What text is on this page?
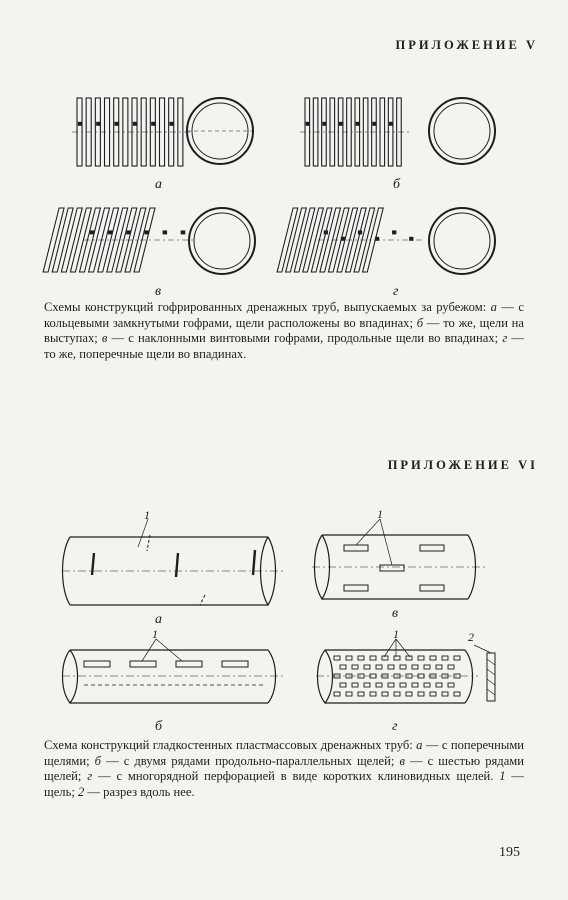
ПРИЛОЖЕНИЕ V
а	б
в	г
Схемы конструкций гофрированных дренажных труб, выпускаемых за рубежом: а — с кольцевыми замкнутыми гофрами, щели расположены во впадинах; б — то же, щели на выступах; в — с наклонными винтовыми гофрами, продольные щели во впадинах; г — то же, поперечные щели во впадинах.
ПРИЛОЖЕНИЕ VI
1
а
1
в
1
б
1	2
г
Схема конструкций гладкостенных пластмассовых дренажных труб: а — с поперечными щелями; б — с двумя рядами продольно-параллельных щелей; в — с шестью рядами щелей; г — с многорядной перфорацией в виде коротких клиновидных щелей. 1 — щель; 2 — разрез вдоль нее.
195
